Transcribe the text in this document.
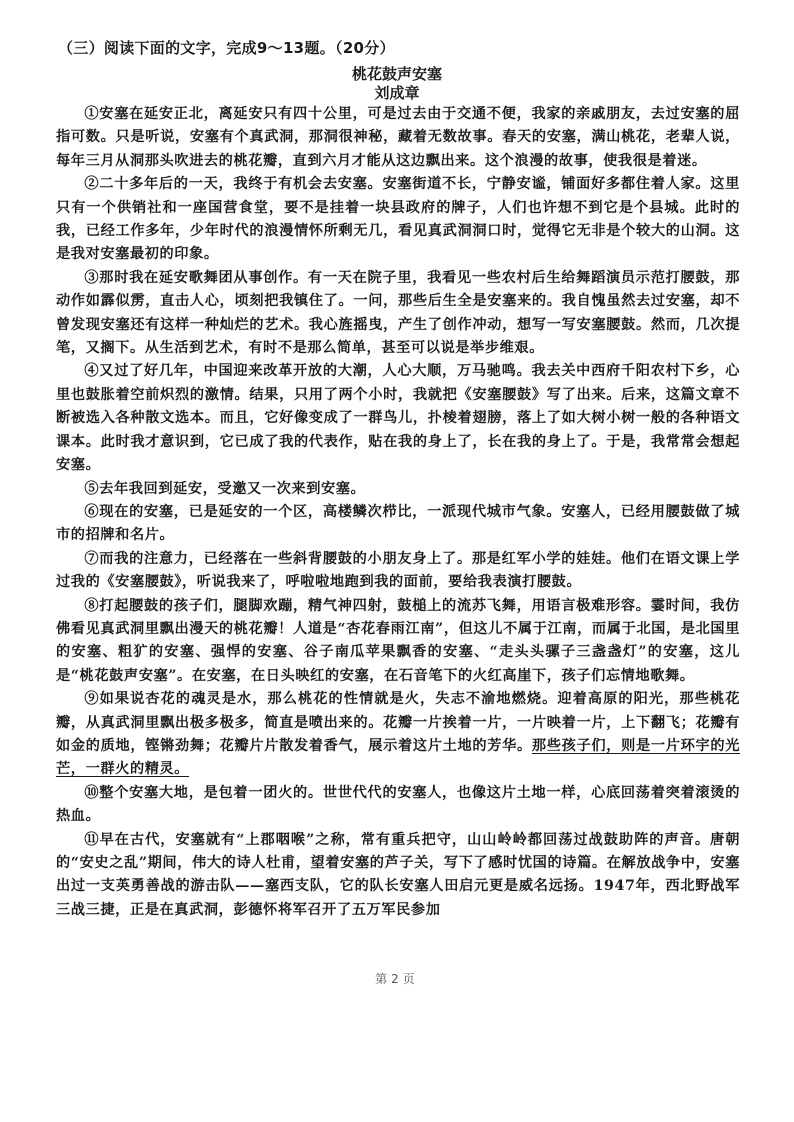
（三）阅读下面的文字，完成9～13题。（20分）
桃花鼓声安塞
刘成章

①安塞在延安正北，离延安只有四十公里，可是过去由于交通不便，我家的亲戚朋友，去过安塞的屈指可数。只是听说，安塞有个真武洞，那洞很神秘，藏着无数故事。春天的安塞，满山桃花，老辈人说，每年三月从洞那头吹进去的桃花瓣，直到六月才能从这边飘出来。这个浪漫的故事，使我很是着迷。

②二十多年后的一天，我终于有机会去安塞。安塞街道不长，宁静安谧，铺面好多都住着人家。这里只有一个供销社和一座国营食堂，要不是挂着一块县政府的牌子，人们也许想不到它是个县城。此时的我，已经工作多年，少年时代的浪漫情怀所剩无几，看见真武洞洞口时，觉得它无非是个较大的山洞。这是我对安塞最初的印象。

③那时我在延安歌舞团从事创作。有一天在院子里，我看见一些农村后生给舞蹈演员示范打腰鼓，那动作如霹似雳，直击人心，顷刻把我镇住了。一问，那些后生全是安塞来的。我自愧虽然去过安塞，却不曾发现安塞还有这样一种灿烂的艺术。我心旌摇曳，产生了创作冲动，想写一写安塞腰鼓。然而，几次提笔，又搁下。从生活到艺术，有时不是那么简单，甚至可以说是举步维艰。

④又过了好几年，中国迎来改革开放的大潮，人心大顺，万马驰鸣。我去关中西府千阳农村下乡，心里也鼓胀着空前炽烈的激情。结果，只用了两个小时，我就把《安塞腰鼓》写了出来。后来，这篇文章不断被选入各种散文选本。而且，它好像变成了一群鸟儿，扑棱着翅膀，落上了如大树小树一般的各种语文课本。此时我才意识到，它已成了我的代表作，贴在我的身上了，长在我的身上了。于是，我常常会想起安塞。

⑤去年我回到延安，受邀又一次来到安塞。

⑥现在的安塞，已是延安的一个区，高楼鳞次栉比，一派现代城市气象。安塞人，已经用腰鼓做了城市的招牌和名片。

⑦而我的注意力，已经落在一些斜背腰鼓的小朋友身上了。那是红军小学的娃娃。他们在语文课上学过我的《安塞腰鼓》，听说我来了，呼啦啦地跑到我的面前，要给我表演打腰鼓。

⑧打起腰鼓的孩子们，腿脚欢蹦，精气神四射，鼓槌上的流苏飞舞，用语言极难形容。霎时间，我仿佛看见真武洞里飘出漫天的桃花瓣！人道是“杏花春雨江南”，但这儿不属于江南，而属于北国，是北国里的安塞、粗犷的安塞、强悍的安塞、谷子南瓜苹果飘香的安塞、“走头头骡子三盏盏灯”的安塞，这儿是“桃花鼓声安塞”。在安塞，在日头映红的安塞，在石音笔下的火红高崖下，孩子们忘情地歌舞。

⑨如果说杏花的魂灵是水，那么桃花的性情就是火，失志不渝地燃烧。迎着高原的阳光，那些桃花瓣，从真武洞里飘出极多极多，简直是喷出来的。花瓣一片挨着一片，一片映着一片，上下翻飞；花瓣有如金的质地，铿锵劲舞；花瓣片片散发着香气，展示着这片土地的芳华。那些孩子们，则是一片环宇的光芒，一群火的精灵。

⑩整个安塞大地，是包着一团火的。世世代代的安塞人，也像这片土地一样，心底回荡着突着滚烫的热血。

⑪早在古代，安塞就有“上郡咽喉”之称，常有重兵把守，山山岭岭都回荡过战鼓助阵的声音。唐朝的“安史之乱”期间，伟大的诗人杜甫，望着安塞的芦子关，写下了感时忧国的诗篇。在解放战争中，安塞出过一支英勇善战的游击队——塞西支队，它的队长安塞人田启元更是威名远扬。1947年，西北野战军三战三捷，正是在真武洞，彭德怀将军召开了五万军民参加

第2页
